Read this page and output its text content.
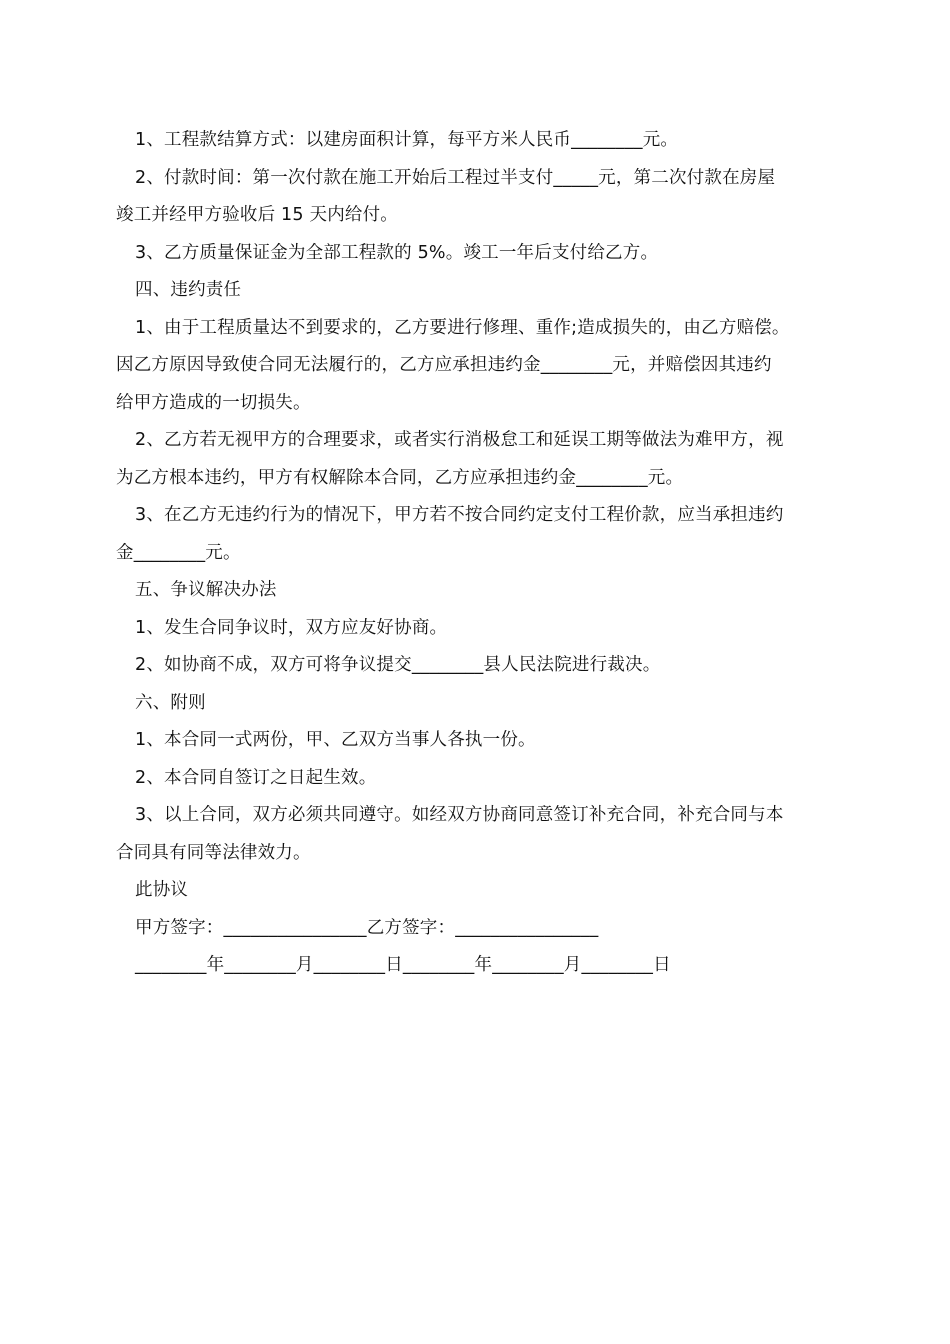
1、工程款结算方式：以建房面积计算，每平方米人民币________元。
2、付款时间：第一次付款在施工开始后工程过半支付_____元，第二次付款在房屋
竣工并经甲方验收后 15 天内给付。
3、乙方质量保证金为全部工程款的 5%。竣工一年后支付给乙方。
四、违约责任
1、由于工程质量达不到要求的，乙方要进行修理、重作;造成损失的，由乙方赔偿。
因乙方原因导致使合同无法履行的，乙方应承担违约金________元，并赔偿因其违约
给甲方造成的一切损失。
2、乙方若无视甲方的合理要求，或者实行消极怠工和延误工期等做法为难甲方，视
为乙方根本违约，甲方有权解除本合同，乙方应承担违约金________元。
3、在乙方无违约行为的情况下，甲方若不按合同约定支付工程价款，应当承担违约
金________元。
五、争议解决办法
1、发生合同争议时，双方应友好协商。
2、如协商不成，双方可将争议提交________县人民法院进行裁决。
六、附则
1、本合同一式两份，甲、乙双方当事人各执一份。
2、本合同自签订之日起生效。
3、以上合同，双方必须共同遵守。如经双方协商同意签订补充合同，补充合同与本
合同具有同等法律效力。
此协议
甲方签字：________________乙方签字：________________
________年________月________日________年________月________日
